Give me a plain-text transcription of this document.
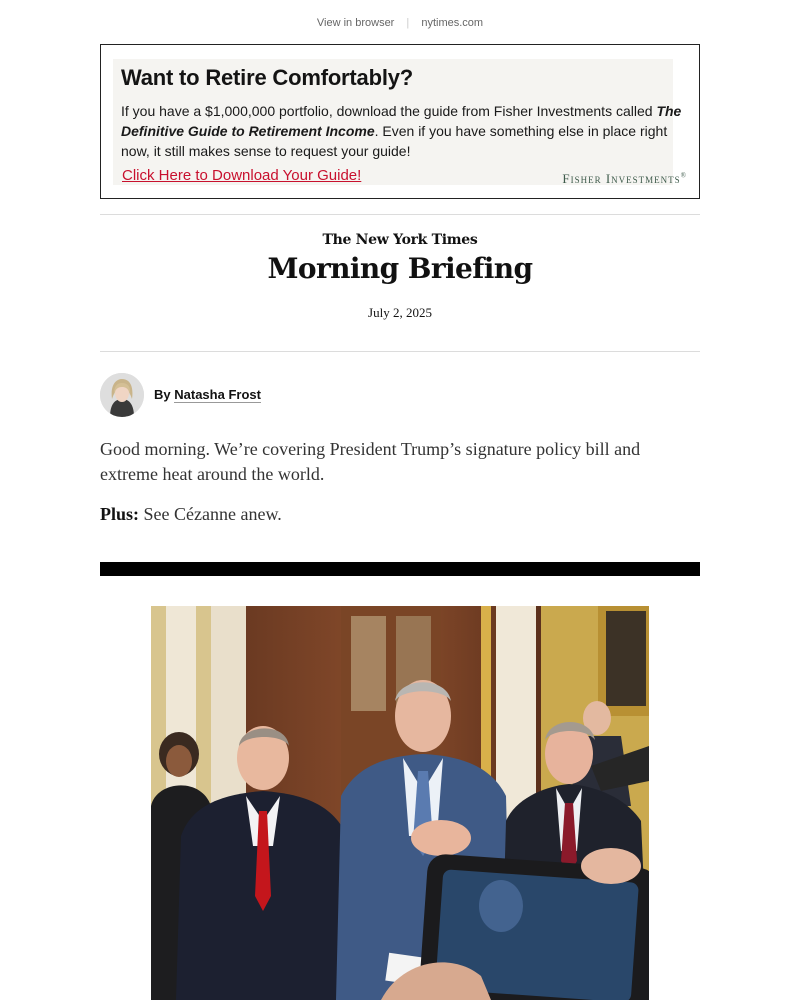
View in browser | nytimes.com
Want to Retire Comfortably?
If you have a $1,000,000 portfolio, download the guide from Fisher Investments called The Definitive Guide to Retirement Income. Even if you have something else in place right now, it still makes sense to request your guide!
Click Here to Download Your Guide!	Fisher Investments®
The New York Times
Morning Briefing
July 2, 2025
By Natasha Frost

Good morning. We’re covering President Trump’s signature policy bill and extreme heat around the world.

Plus: See Cézanne anew.
